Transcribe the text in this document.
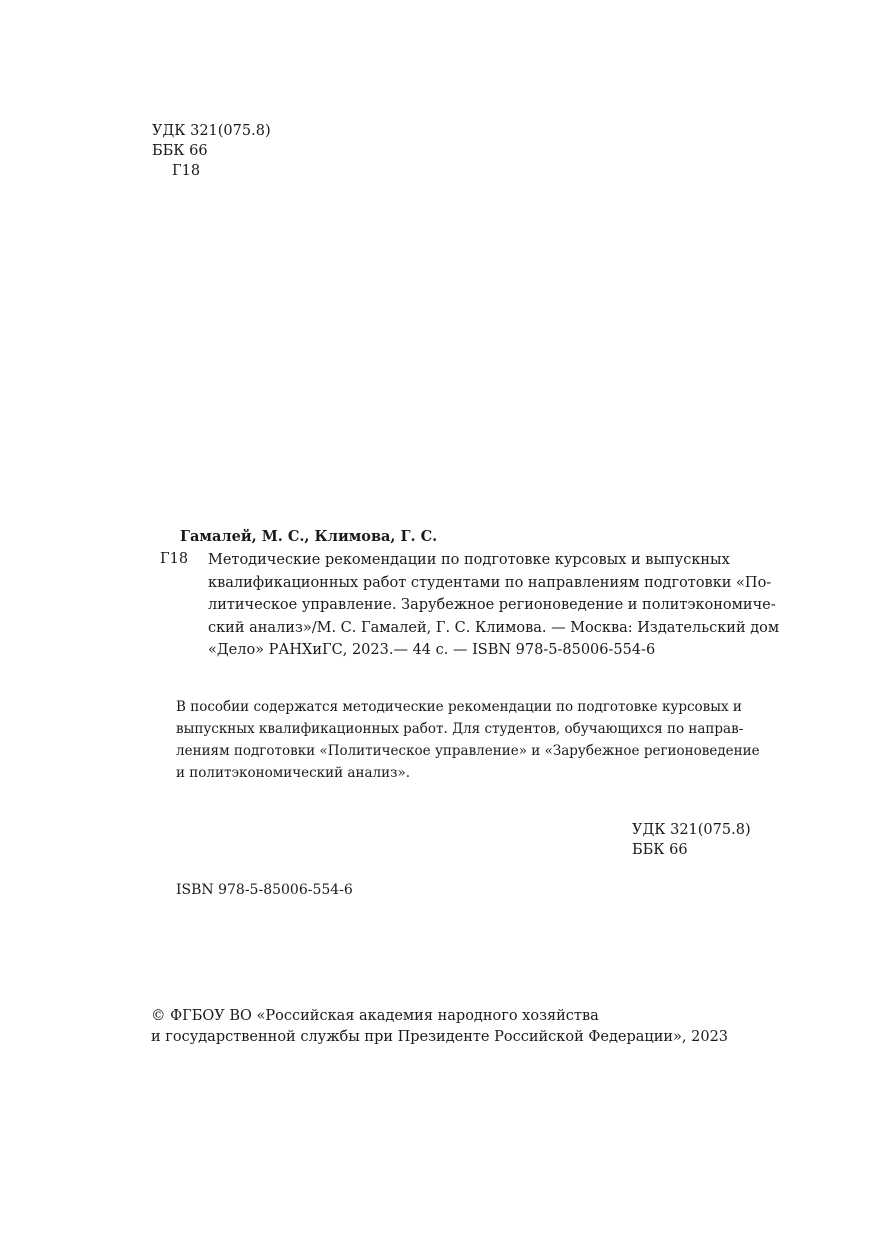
УДК 321(075.8)
ББК 66
Г18
Гамалей, М. С., Климова, Г. С.
Г18 Методические рекомендации по подготовке курсовых и выпускных
квалификационных работ студентами по направлениям подготовки «По-
литическое управление. Зарубежное регионоведение и политэкономиче-
ский анализ»/М. С. Гамалей, Г. С. Климова. — Москва: Издательский дом
«Дело» РАНХиГС, 2023.— 44 с. — ISBN 978-5-85006-554-6
В пособии содержатся методические рекомендации по подготовке курсовых и
выпускных квалификационных работ. Для студентов, обучающихся по направ-
лениям подготовки «Политическое управление» и «Зарубежное регионоведение
и политэкономический анализ».
УДК 321(075.8)
ББК 66
ISBN 978-5-85006-554-6
© ФГБОУ ВО «Российская академия народного хозяйства
и государственной службы при Президенте Российской Федерации», 2023
